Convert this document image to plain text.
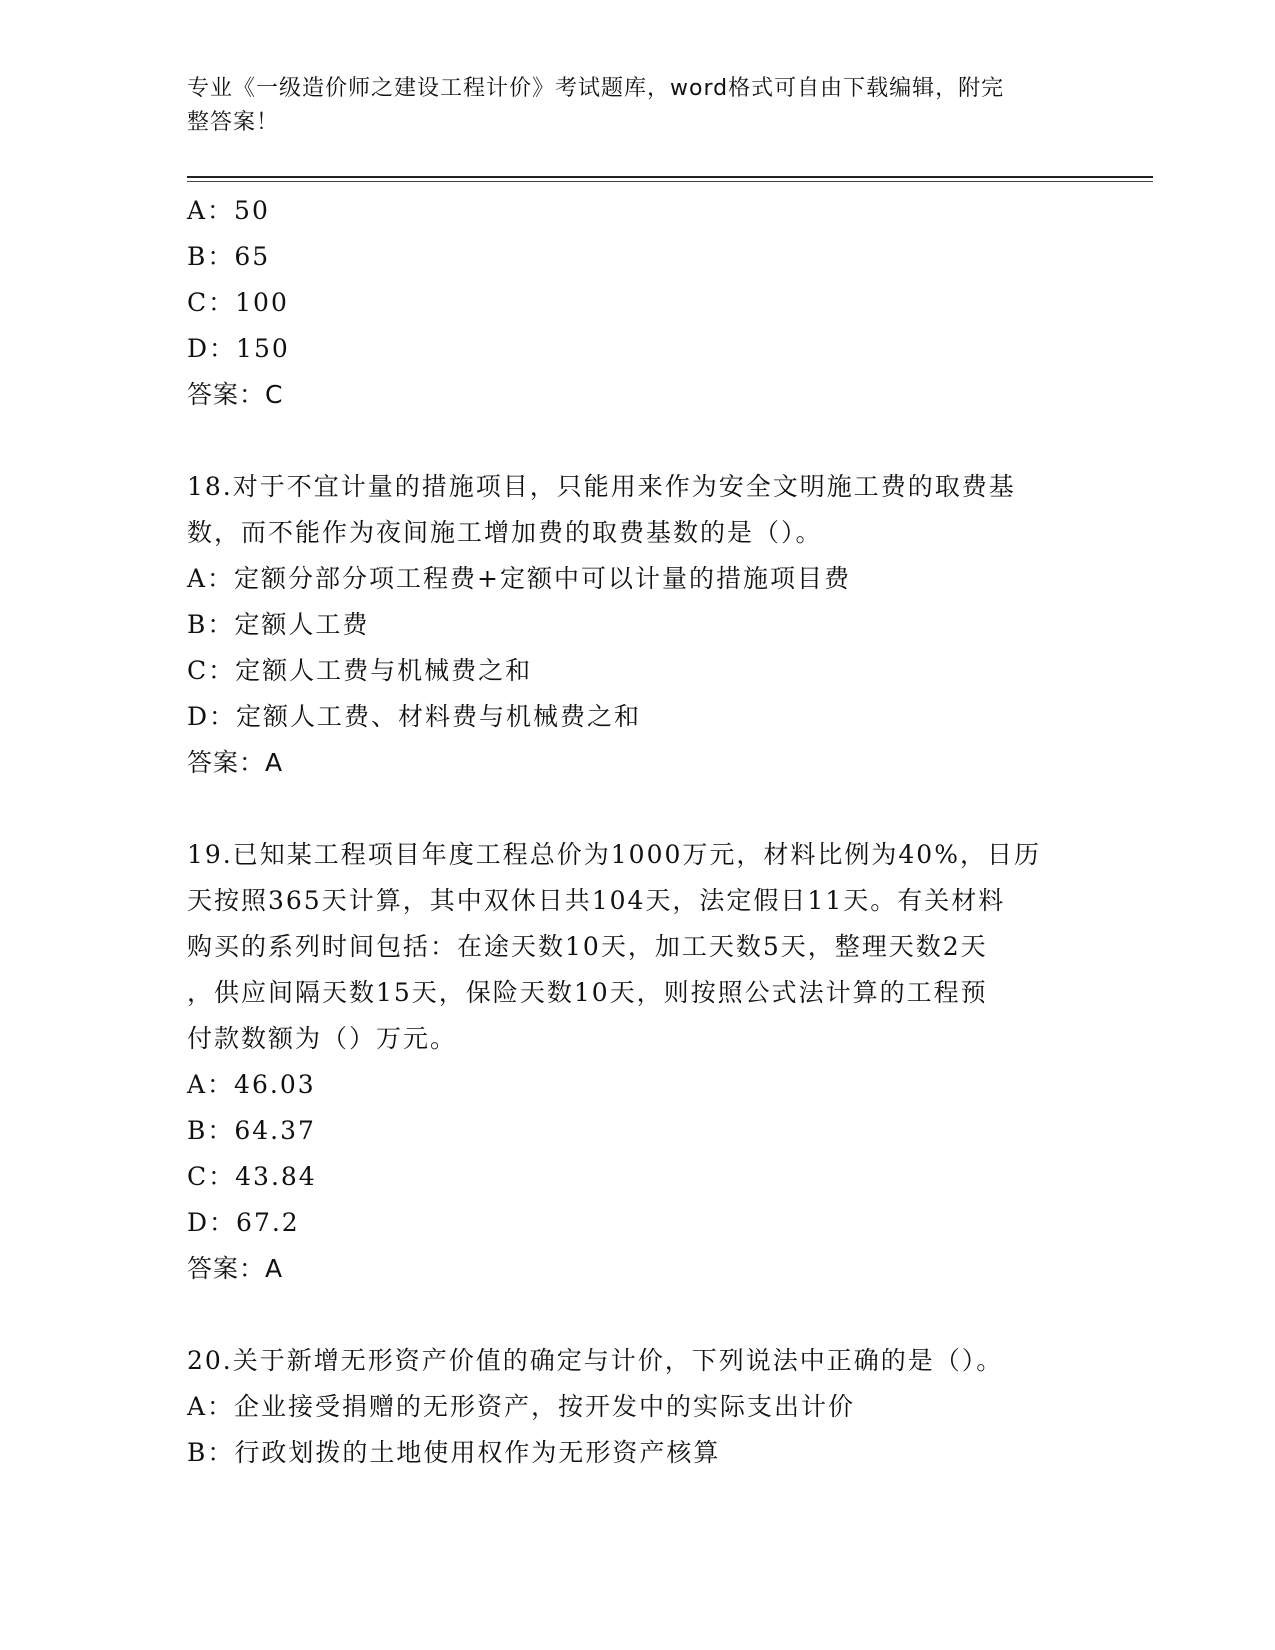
专业《一级造价师之建设工程计价》考试题库，word格式可自由下载编辑，附完
整答案！
A：50
B：65
C：100
D：150
答案：C
18.对于不宜计量的措施项目，只能用来作为安全文明施工费的取费基
数，而不能作为夜间施工增加费的取费基数的是（）。
A：定额分部分项工程费+定额中可以计量的措施项目费
B：定额人工费
C：定额人工费与机械费之和
D：定额人工费、材料费与机械费之和
答案：A
19.已知某工程项目年度工程总价为1000万元，材料比例为40%，日历
天按照365天计算，其中双休日共104天，法定假日11天。有关材料
购买的系列时间包括：在途天数10天，加工天数5天，整理天数2天
，供应间隔天数15天，保险天数10天，则按照公式法计算的工程预
付款数额为（）万元。
A：46.03
B：64.37
C：43.84
D：67.2
答案：A
20.关于新增无形资产价值的确定与计价，下列说法中正确的是（）。
A：企业接受捐赠的无形资产，按开发中的实际支出计价
B：行政划拨的土地使用权作为无形资产核算
